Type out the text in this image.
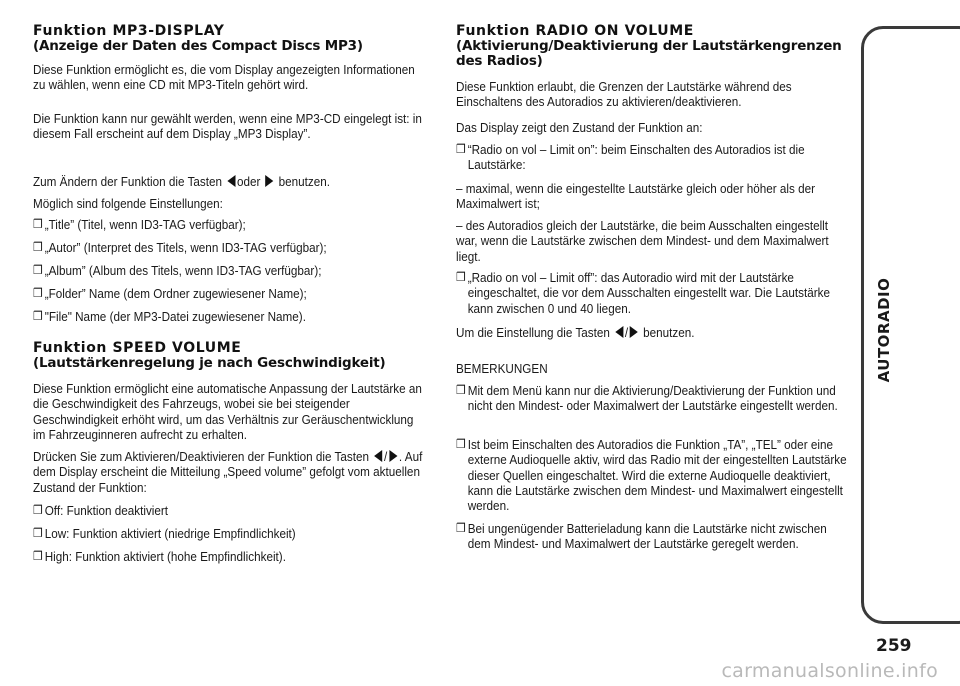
Funktion MP3-DISPLAY
(Anzeige der Daten des Compact Discs MP3)

Diese Funktion ermöglicht es, die vom Display angezeigten Informationen zu wählen, wenn eine CD mit MP3-Titeln gehört wird.

Die Funktion kann nur gewählt werden, wenn eine MP3-CD eingelegt ist: in diesem Fall erscheint auf dem Display „MP3 Display”.

Zum Ändern der Funktion die Tasten oder benutzen.

Möglich sind folgende Einstellungen:

❒ „Title” (Titel, wenn ID3-TAG verfügbar);
❒ „Autor” (Interpret des Titels, wenn ID3-TAG verfügbar);
❒ „Album” (Album des Titels, wenn ID3-TAG verfügbar);
❒ „Folder” Name (dem Ordner zugewiesener Name);
❒ "File" Name (der MP3-Datei zugewiesener Name).
Funktion SPEED VOLUME
(Lautstärkenregelung je nach Geschwindigkeit)

Diese Funktion ermöglicht eine automatische Anpassung der Lautstärke an die Geschwindigkeit des Fahrzeugs, wobei sie bei steigender Geschwindigkeit erhöht wird, um das Verhältnis zur Geräuschentwicklung im Fahrzeuginneren aufrecht zu erhalten.

Drücken Sie zum Aktivieren/Deaktivieren der Funktion die Tasten / . Auf dem Display erscheint die Mitteilung „Speed volume” gefolgt vom aktuellen Zustand der Funktion:

❒ Off: Funktion deaktiviert
❒ Low: Funktion aktiviert (niedrige Empfindlichkeit)
❒ High: Funktion aktiviert (hohe Empfindlichkeit).
Funktion RADIO ON VOLUME
(Aktivierung/Deaktivierung der Lautstärkengrenzen des Radios)

Diese Funktion erlaubt, die Grenzen der Lautstärke während des Einschaltens des Autoradios zu aktivieren/deaktivieren.

Das Display zeigt den Zustand der Funktion an:

❒ “Radio on vol – Limit on”: beim Einschalten des Autoradios ist die Lautstärke:

– maximal, wenn die eingestellte Lautstärke gleich oder höher als der Maximalwert ist;

– des Autoradios gleich der Lautstärke, die beim Ausschalten eingestellt war, wenn die Lautstärke zwischen dem Mindest- und dem Maximalwert liegt.

❒ „Radio on vol – Limit off”: das Autoradio wird mit der Lautstärke eingeschaltet, die vor dem Ausschalten eingestellt war. Die Lautstärke kann zwischen 0 und 40 liegen.

Um die Einstellung die Tasten / benutzen.

BEMERKUNGEN

❒ Mit dem Menü kann nur die Aktivierung/Deaktivierung der Funktion und nicht den Mindest- oder Maximalwert der Lautstärke eingestellt werden.
❒ Ist beim Einschalten des Autoradios die Funktion „TA”, „TEL” oder eine externe Audioquelle aktiv, wird das Radio mit der eingestellten Lautstärke dieser Quellen eingeschaltet. Wird die externe Audioquelle deaktiviert, kann die Lautstärke zwischen dem Mindest- und Maximalwert eingestellt werden.
❒ Bei ungenügender Batterieladung kann die Lautstärke nicht zwischen dem Mindest- und Maximalwert der Lautstärke geregelt werden.
AUTORADIO
259
carmanualsonline.info
